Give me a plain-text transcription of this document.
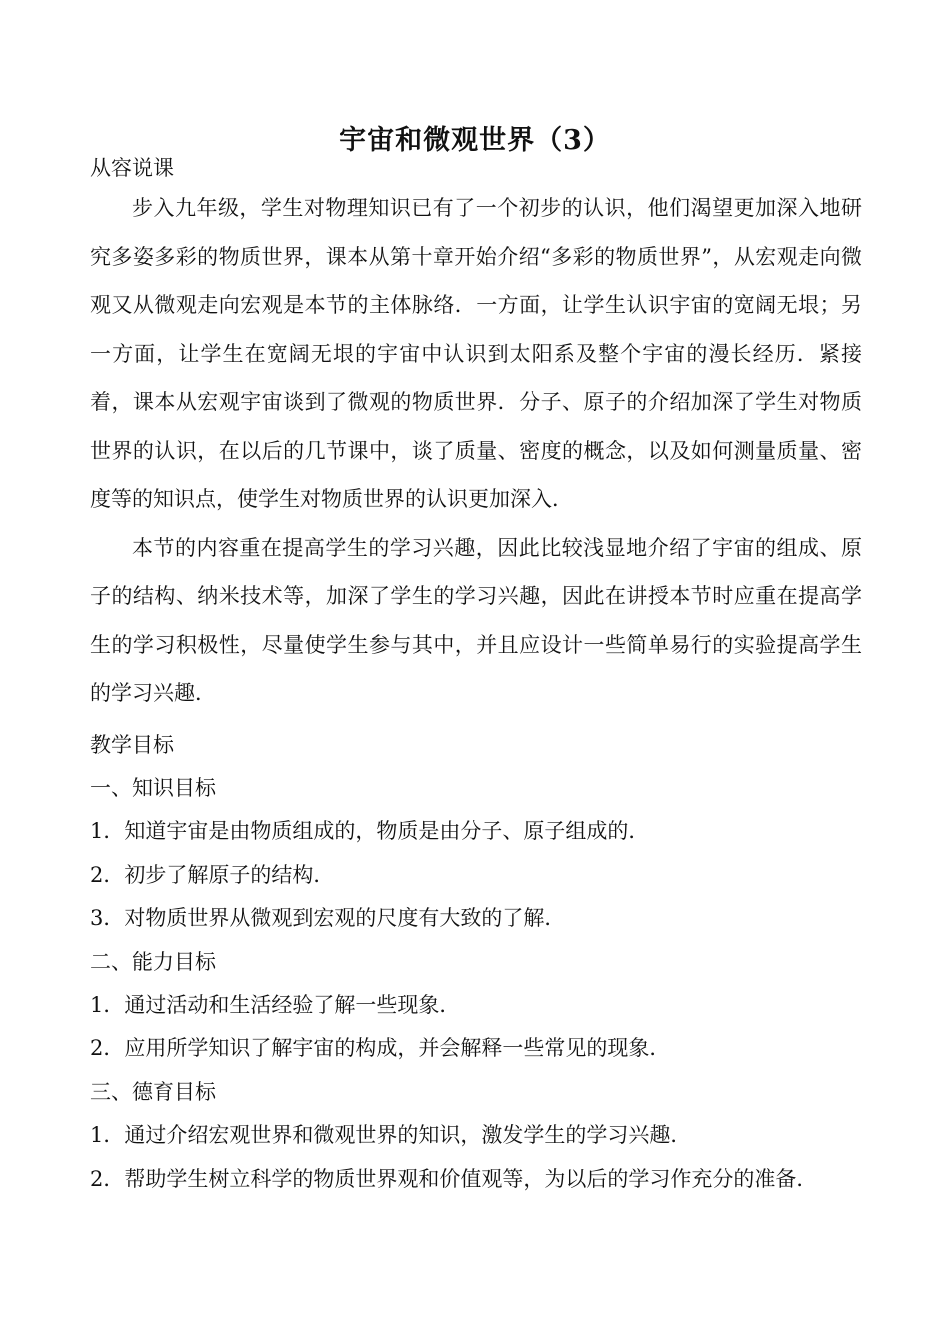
宇宙和微观世界（3）

从容说课

步入九年级，学生对物理知识已有了一个初步的认识，他们渴望更加深入地研究多姿多彩的物质世界，课本从第十章开始介绍“多彩的物质世界”，从宏观走向微观又从微观走向宏观是本节的主体脉络．一方面，让学生认识宇宙的宽阔无垠；另一方面，让学生在宽阔无垠的宇宙中认识到太阳系及整个宇宙的漫长经历．紧接着，课本从宏观宇宙谈到了微观的物质世界．分子、原子的介绍加深了学生对物质世界的认识，在以后的几节课中，谈了质量、密度的概念，以及如何测量质量、密度等的知识点，使学生对物质世界的认识更加深入．

本节的内容重在提高学生的学习兴趣，因此比较浅显地介绍了宇宙的组成、原子的结构、纳米技术等，加深了学生的学习兴趣，因此在讲授本节时应重在提高学生的学习积极性，尽量使学生参与其中，并且应设计一些简单易行的实验提高学生的学习兴趣．

教学目标

一、知识目标

1．知道宇宙是由物质组成的，物质是由分子、原子组成的．

2．初步了解原子的结构．

3．对物质世界从微观到宏观的尺度有大致的了解．

二、能力目标

1．通过活动和生活经验了解一些现象．

2．应用所学知识了解宇宙的构成，并会解释一些常见的现象．

三、德育目标

1．通过介绍宏观世界和微观世界的知识，激发学生的学习兴趣．

2．帮助学生树立科学的物质世界观和价值观等，为以后的学习作充分的准备．
